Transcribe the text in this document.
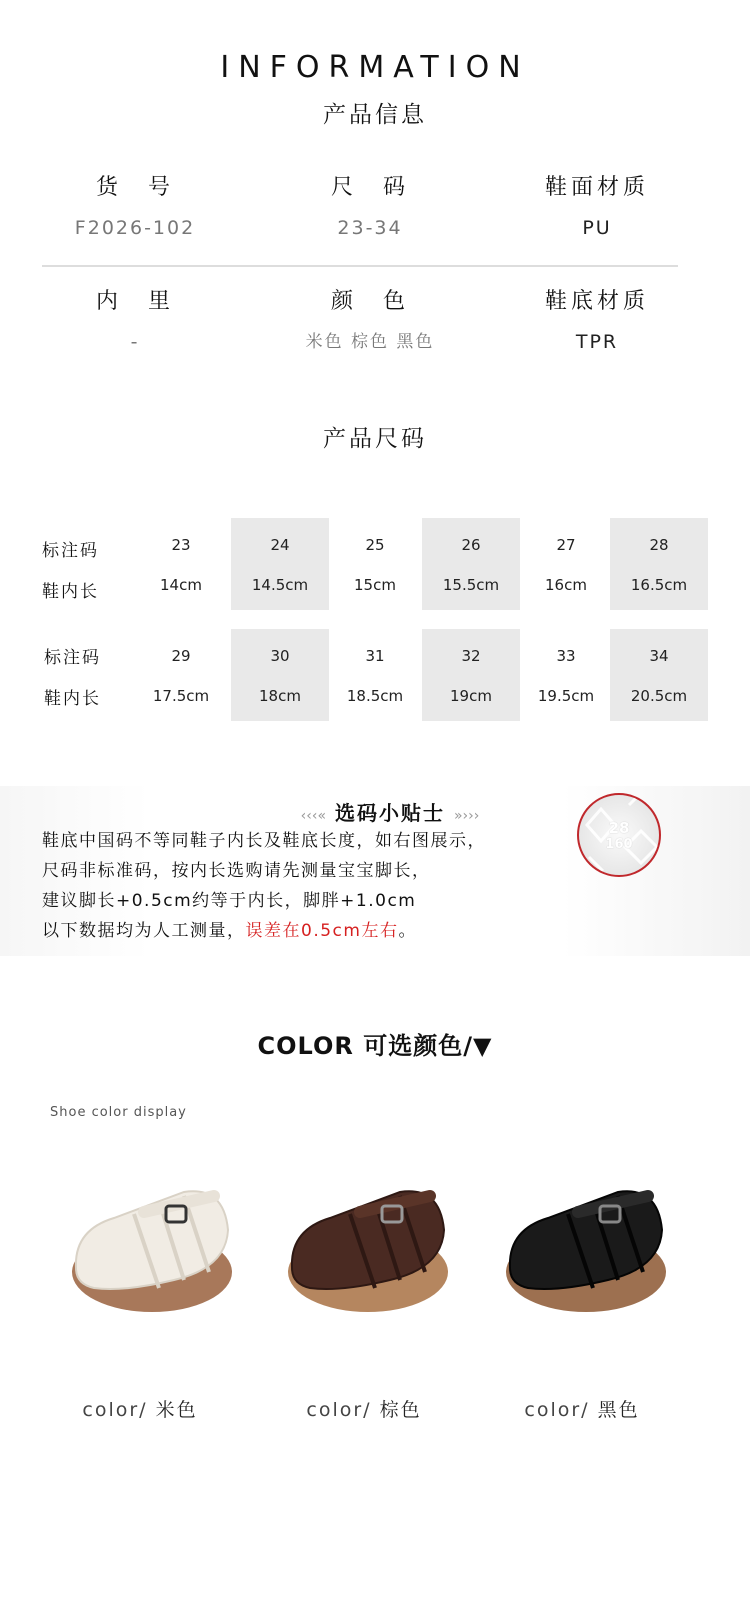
INFORMATION
产品信息
货　号
F2026-102
尺　码
23-34
鞋面材质
PU
内　里
-
颜　色
米色 棕色 黑色
鞋底材质
TPR
产品尺码
标注码
鞋内长
23
14cm
24
14.5cm
25
15cm
26
15.5cm
27
16cm
28
16.5cm
标注码
鞋内长
29
17.5cm
30
18cm
31
18.5cm
32
19cm
33
19.5cm
34
20.5cm
‹‹‹« 选码小贴士 »›››
鞋底中国码不等同鞋子内长及鞋底长度，如右图展示，
尺码非标准码，按内长选购请先测量宝宝脚长，
建议脚长+0.5cm约等于内长，脚胖+1.0cm
以下数据均为人工测量，误差在0.5cm左右。
28
160
COLOR 可选颜色/▼
Shoe color display
color/ 米色	color/ 棕色	color/ 黑色
